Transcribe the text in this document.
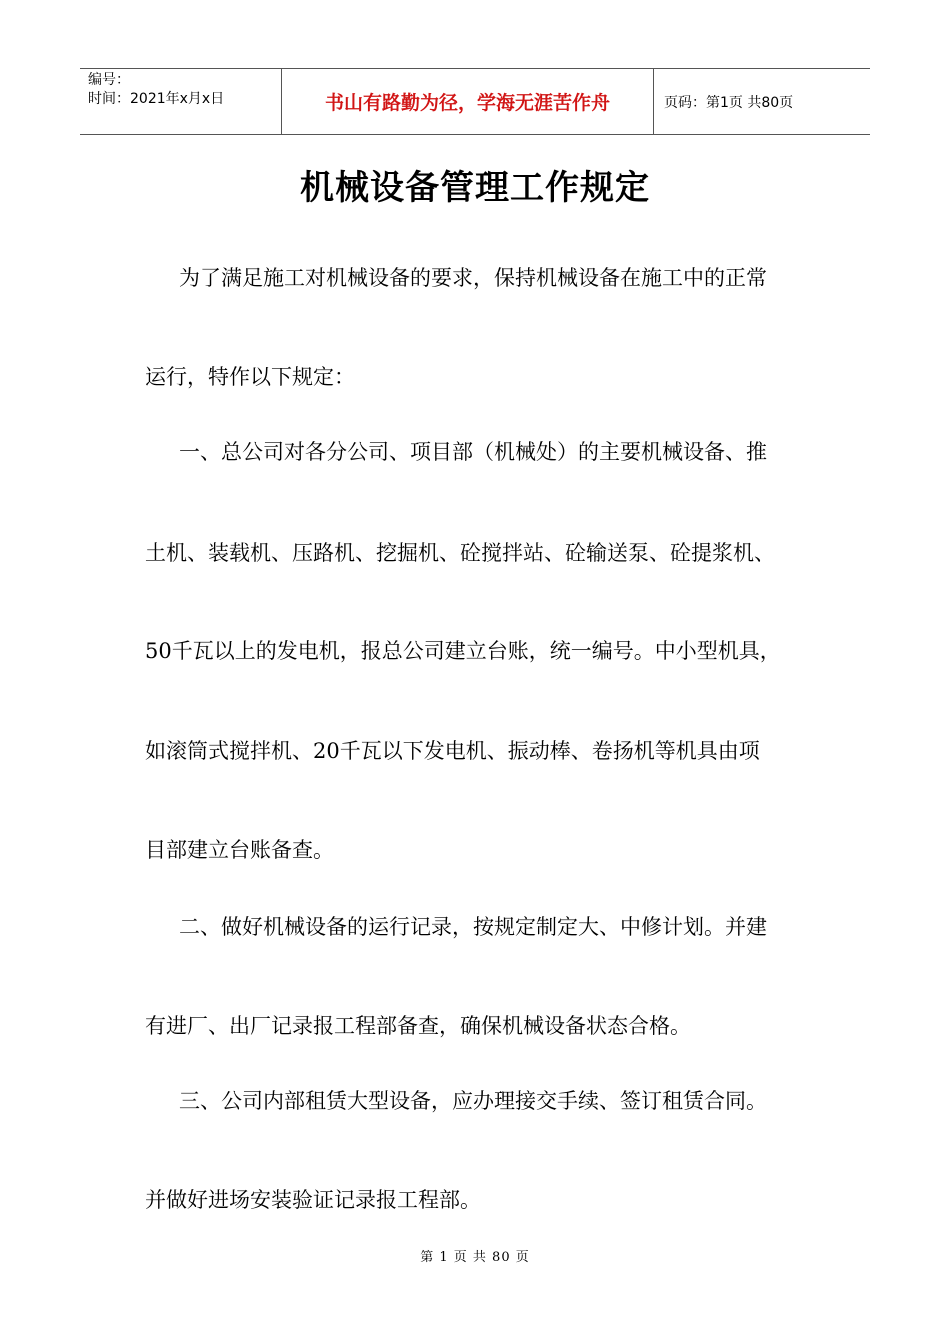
编号：
时间：2021年x月x日	书山有路勤为径，学海无涯苦作舟	页码：第1页 共80页
机械设备管理工作规定

为了满足施工对机械设备的要求，保持机械设备在施工中的正常

运行，特作以下规定：

一、总公司对各分公司、项目部（机械处）的主要机械设备、推

土机、装载机、压路机、挖掘机、砼搅拌站、砼输送泵、砼提浆机、

50千瓦以上的发电机，报总公司建立台账，统一编号。中小型机具，

如滚筒式搅拌机、20千瓦以下发电机、振动棒、卷扬机等机具由项

目部建立台账备查。

二、做好机械设备的运行记录，按规定制定大、中修计划。并建

有进厂、出厂记录报工程部备查，确保机械设备状态合格。

三、公司内部租赁大型设备，应办理接交手续、签订租赁合同。

并做好进场安装验证记录报工程部。

第 1 页 共 80 页
